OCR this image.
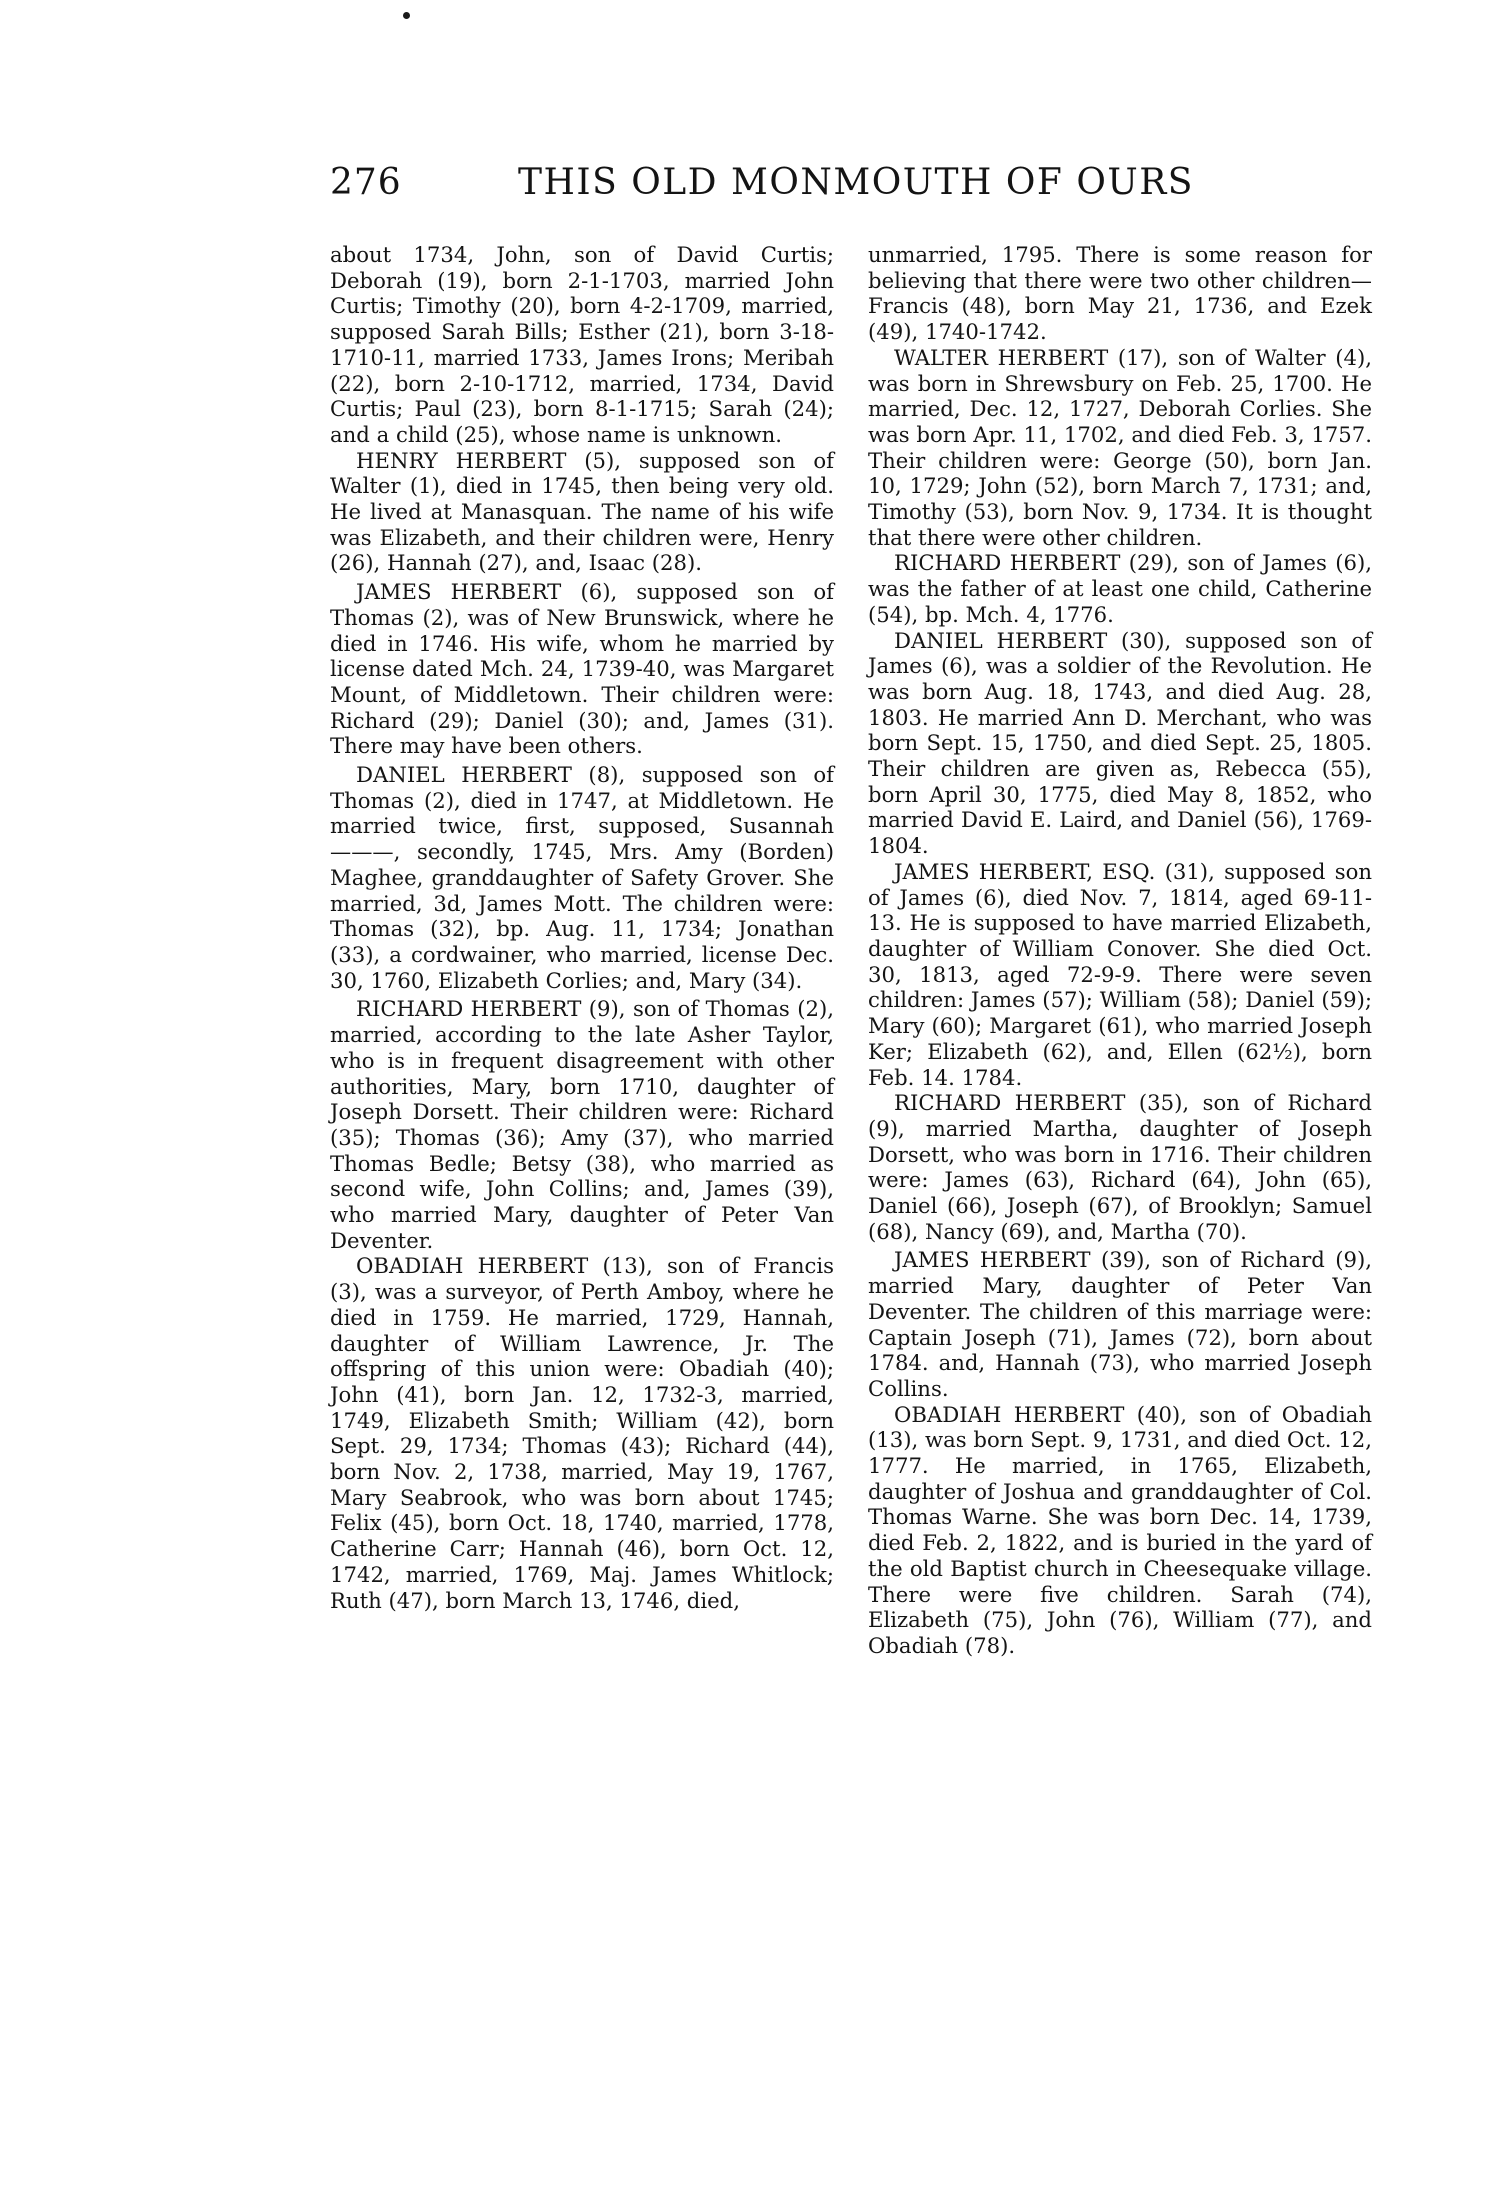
276	THIS OLD MONMOUTH OF OURS

about 1734, John, son of David Curtis; Deborah (19), born 2-1-1703, married John Curtis; Timothy (20), born 4-2-1709, married, supposed Sarah Bills; Esther (21), born 3-18-1710-11, married 1733, James Irons; Meribah (22), born 2-10-1712, married, 1734, David Curtis; Paul (23), born 8-1-1715; Sarah (24); and a child (25), whose name is unknown.

HENRY HERBERT (5), supposed son of Walter (1), died in 1745, then being very old. He lived at Manasquan. The name of his wife was Elizabeth, and their children were, Henry (26), Hannah (27), and, Isaac (28).

JAMES HERBERT (6), supposed son of Thomas (2), was of New Brunswick, where he died in 1746. His wife, whom he married by license dated Mch. 24, 1739-40, was Margaret Mount, of Middletown. Their children were: Richard (29); Daniel (30); and, James (31). There may have been others.

DANIEL HERBERT (8), supposed son of Thomas (2), died in 1747, at Middletown. He married twice, first, supposed, Susannah ———, secondly, 1745, Mrs. Amy (Borden) Maghee, granddaughter of Safety Grover. She married, 3d, James Mott. The children were: Thomas (32), bp. Aug. 11, 1734; Jonathan (33), a cordwainer, who married, license Dec. 30, 1760, Elizabeth Corlies; and, Mary (34).

RICHARD HERBERT (9), son of Thomas (2), married, according to the late Asher Taylor, who is in frequent disagreement with other authorities, Mary, born 1710, daughter of Joseph Dorsett. Their children were: Richard (35); Thomas (36); Amy (37), who married Thomas Bedle; Betsy (38), who married as second wife, John Collins; and, James (39), who married Mary, daughter of Peter Van Deventer.

OBADIAH HERBERT (13), son of Francis (3), was a surveyor, of Perth Amboy, where he died in 1759. He married, 1729, Hannah, daughter of William Lawrence, Jr. The offspring of this union were: Obadiah (40); John (41), born Jan. 12, 1732-3, married, 1749, Elizabeth Smith; William (42), born Sept. 29, 1734; Thomas (43); Richard (44), born Nov. 2, 1738, married, May 19, 1767, Mary Seabrook, who was born about 1745; Felix (45), born Oct. 18, 1740, married, 1778, Catherine Carr; Hannah (46), born Oct. 12, 1742, married, 1769, Maj. James Whitlock; Ruth (47), born March 13, 1746, died,

unmarried, 1795. There is some reason for believing that there were two other children—Francis (48), born May 21, 1736, and Ezek (49), 1740-1742.

WALTER HERBERT (17), son of Walter (4), was born in Shrewsbury on Feb. 25, 1700. He married, Dec. 12, 1727, Deborah Corlies. She was born Apr. 11, 1702, and died Feb. 3, 1757. Their children were: George (50), born Jan. 10, 1729; John (52), born March 7, 1731; and, Timothy (53), born Nov. 9, 1734. It is thought that there were other children.

RICHARD HERBERT (29), son of James (6), was the father of at least one child, Catherine (54), bp. Mch. 4, 1776.

DANIEL HERBERT (30), supposed son of James (6), was a soldier of the Revolution. He was born Aug. 18, 1743, and died Aug. 28, 1803. He married Ann D. Merchant, who was born Sept. 15, 1750, and died Sept. 25, 1805. Their children are given as, Rebecca (55), born April 30, 1775, died May 8, 1852, who married David E. Laird, and Daniel (56), 1769-1804.

JAMES HERBERT, ESQ. (31), supposed son of James (6), died Nov. 7, 1814, aged 69-11-13. He is supposed to have married Elizabeth, daughter of William Conover. She died Oct. 30, 1813, aged 72-9-9. There were seven children: James (57); William (58); Daniel (59); Mary (60); Margaret (61), who married Joseph Ker; Elizabeth (62), and, Ellen (62½), born Feb. 14. 1784.

RICHARD HERBERT (35), son of Richard (9), married Martha, daughter of Joseph Dorsett, who was born in 1716. Their children were: James (63), Richard (64), John (65), Daniel (66), Joseph (67), of Brooklyn; Samuel (68), Nancy (69), and, Martha (70).

JAMES HERBERT (39), son of Richard (9), married Mary, daughter of Peter Van Deventer. The children of this marriage were: Captain Joseph (71), James (72), born about 1784. and, Hannah (73), who married Joseph Collins.

OBADIAH HERBERT (40), son of Obadiah (13), was born Sept. 9, 1731, and died Oct. 12, 1777. He married, in 1765, Elizabeth, daughter of Joshua and granddaughter of Col. Thomas Warne. She was born Dec. 14, 1739, died Feb. 2, 1822, and is buried in the yard of the old Baptist church in Cheesequake village. There were five children. Sarah (74), Elizabeth (75), John (76), William (77), and Obadiah (78).
